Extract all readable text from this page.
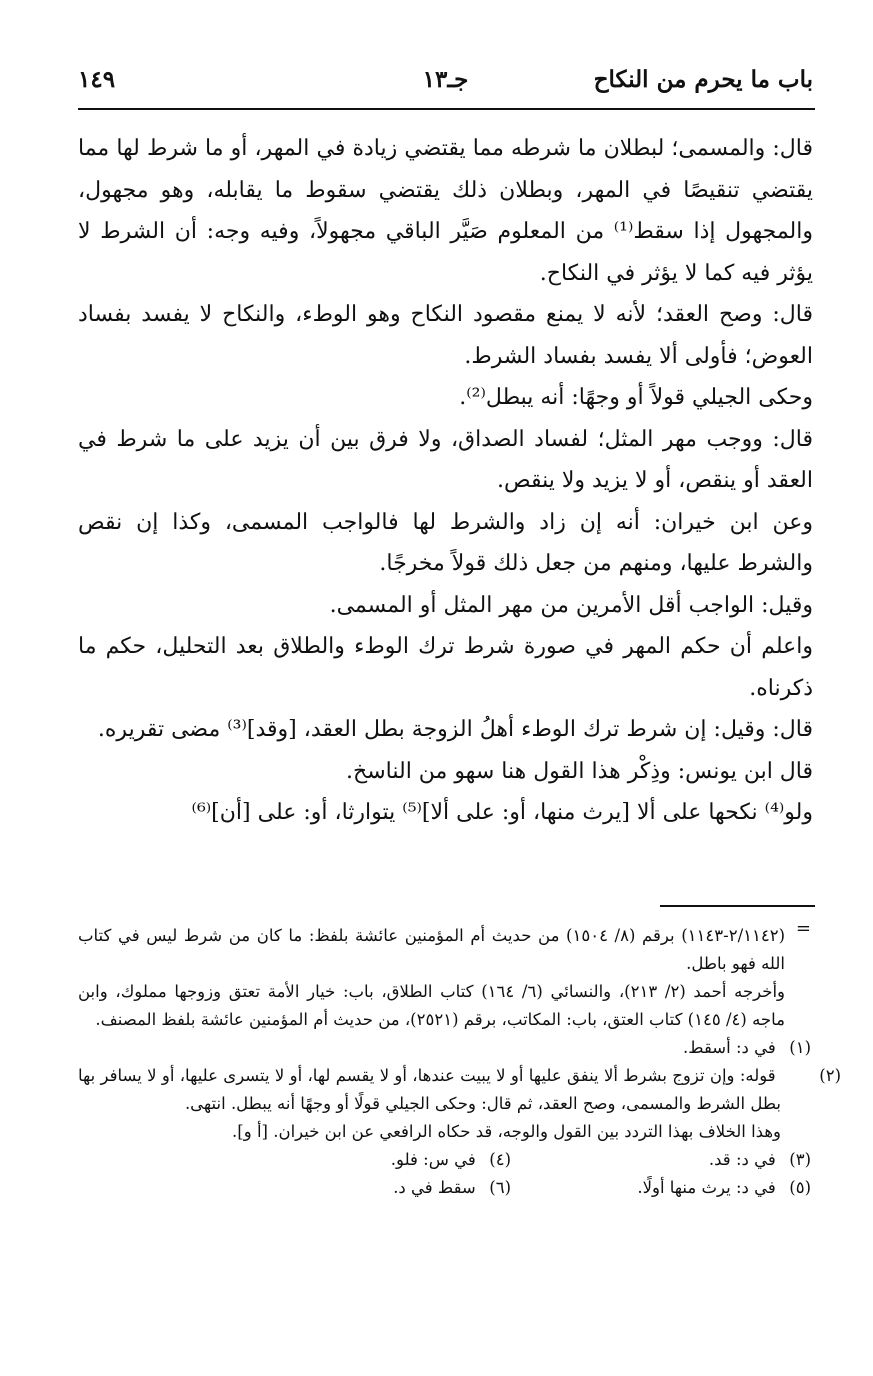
باب ما يحرم من النكاح
جـ١٣
١٤٩

قال: والمسمى؛ لبطلان ما شرطه مما يقتضي زيادة في المهر، أو ما شرط لها مما يقتضي تنقيصًا في المهر، وبطلان ذلك يقتضي سقوط ما يقابله، وهو مجهول، والمجهول إذا سقط⁽¹⁾ من المعلوم صَيَّر الباقي مجهولاً، وفيه وجه: أن الشرط لا يؤثر فيه كما لا يؤثر في النكاح.

قال: وصح العقد؛ لأنه لا يمنع مقصود النكاح وهو الوطء، والنكاح لا يفسد بفساد العوض؛ فأولى ألا يفسد بفساد الشرط.

وحكى الجيلي قولاً أو وجهًا: أنه يبطل⁽²⁾.

قال: ووجب مهر المثل؛ لفساد الصداق، ولا فرق بين أن يزيد على ما شرط في العقد أو ينقص، أو لا يزيد ولا ينقص.

وعن ابن خيران: أنه إن زاد والشرط لها فالواجب المسمى، وكذا إن نقص والشرط عليها، ومنهم من جعل ذلك قولاً مخرجًا.

وقيل: الواجب أقل الأمرين من مهر المثل أو المسمى.

واعلم أن حكم المهر في صورة شرط ترك الوطء والطلاق بعد التحليل، حكم ما ذكرناه.

قال: وقيل: إن شرط ترك الوطء أهلُ الزوجة بطل العقد، [وقد]⁽³⁾ مضى تقريره.

قال ابن يونس: وذِكْر هذا القول هنا سهو من الناسخ.

ولو⁽⁴⁾ نكحها على ألا [يرث منها، أو: على ألا]⁽⁵⁾ يتوارثا، أو: على [أن]⁽⁶⁾

=

(٢/١١٤٢-١١٤٣) برقم (٨/ ١٥٠٤) من حديث أم المؤمنين عائشة بلفظ: ما كان من شرط ليس في كتاب الله فهو باطل.

وأخرجه أحمد (٢/ ٢١٣)، والنسائي (٦/ ١٦٤) كتاب الطلاق، باب: خيار الأمة تعتق وزوجها مملوك، وابن ماجه (٤/ ١٤٥) كتاب العتق، باب: المكاتب، برقم (٢٥٢١)، من حديث أم المؤمنين عائشة بلفظ المصنف.

(١) في د: أسقط.

(٢) قوله: وإن تزوج بشرط ألا ينفق عليها أو لا يبيت عندها، أو لا يقسم لها، أو لا يتسرى عليها، أو لا يسافر بها بطل الشرط والمسمى، وصح العقد، ثم قال: وحكى الجيلي قولًا أو وجهًا أنه يبطل. انتهى.

وهذا الخلاف بهذا التردد بين القول والوجه، قد حكاه الرافعي عن ابن خيران. [أ و].

(٣) في د: قد.
(٤) في س: فلو.
(٥) في د: يرث منها أولًا.
(٦) سقط في د.
